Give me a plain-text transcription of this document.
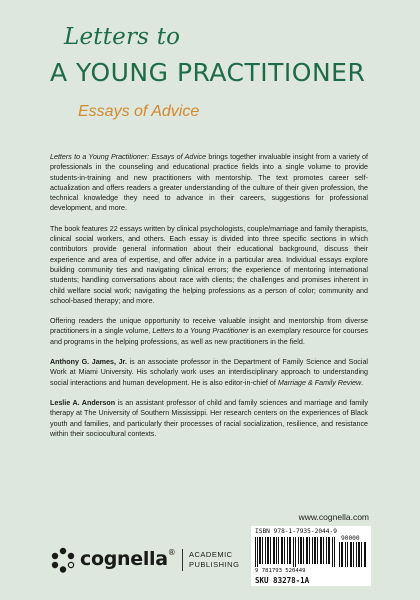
Letters to
A YOUNG PRACTITIONER
Essays of Advice

Letters to a Young Practitioner: Essays of Advice brings together invaluable insight from a variety of professionals in the counseling and educational practice fields into a single volume to provide students-in-training and new practitioners with mentorship. The text promotes career self-actualization and offers readers a greater understanding of the culture of their given profession, the technical knowledge they need to advance in their careers, suggestions for professional development, and more.

The book features 22 essays written by clinical psychologists, couple/marriage and family therapists, clinical social workers, and others. Each essay is divided into three specific sections in which contributors provide general information about their educational background, discuss their experience and area of expertise, and offer advice in a particular area. Individual essays explore building community ties and navigating clinical errors; the experience of mentoring international students; handling conversations about race with clients; the challenges and promises inherent in child welfare social work; navigating the helping professions as a person of color; community and school-based therapy; and more.

Offering readers the unique opportunity to receive valuable insight and mentorship from diverse practitioners in a single volume, Letters to a Young Practitioner is an exemplary resource for courses and programs in the helping professions, as well as new practitioners in the field.

Anthony G. James, Jr. is an associate professor in the Department of Family Science and Social Work at Miami University. His scholarly work uses an interdisciplinary approach to understanding social interactions and human development. He is also editor-in-chief of Marriage & Family Review.

Leslie A. Anderson is an assistant professor of child and family sciences and marriage and family therapy at The University of Southern Mississippi. Her research centers on the experiences of Black youth and families, and particularly their processes of racial socialization, resilience, and resistance within their sociocultural contexts.

www.cognella.com
ISBN 978-1-7935-2044-9
90000
9 781793 520449
SKU 83278-1A
cognella® ACADEMIC
PUBLISHING
